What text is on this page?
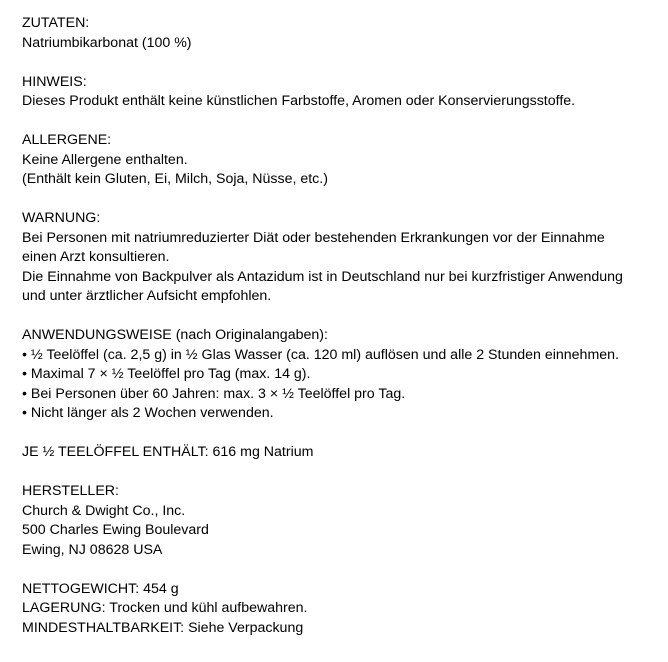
ZUTATEN:
Natriumbikarbonat (100 %)
HINWEIS:
Dieses Produkt enthält keine künstlichen Farbstoffe, Aromen oder Konservierungsstoffe.
ALLERGENE:
Keine Allergene enthalten.
(Enthält kein Gluten, Ei, Milch, Soja, Nüsse, etc.)
WARNUNG:
Bei Personen mit natriumreduzierter Diät oder bestehenden Erkrankungen vor der Einnahme
einen Arzt konsultieren.
Die Einnahme von Backpulver als Antazidum ist in Deutschland nur bei kurzfristiger Anwendung
und unter ärztlicher Aufsicht empfohlen.
ANWENDUNGSWEISE (nach Originalangaben):
• ½ Teelöffel (ca. 2,5 g) in ½ Glas Wasser (ca. 120 ml) auflösen und alle 2 Stunden einnehmen.
• Maximal 7 × ½ Teelöffel pro Tag (max. 14 g).
• Bei Personen über 60 Jahren: max. 3 × ½ Teelöffel pro Tag.
• Nicht länger als 2 Wochen verwenden.
JE ½ TEELÖFFEL ENTHÄLT: 616 mg Natrium
HERSTELLER:
Church & Dwight Co., Inc.
500 Charles Ewing Boulevard
Ewing, NJ 08628 USA
NETTOGEWICHT: 454 g
LAGERUNG: Trocken und kühl aufbewahren.
MINDESTHALTBARKEIT: Siehe Verpackung
